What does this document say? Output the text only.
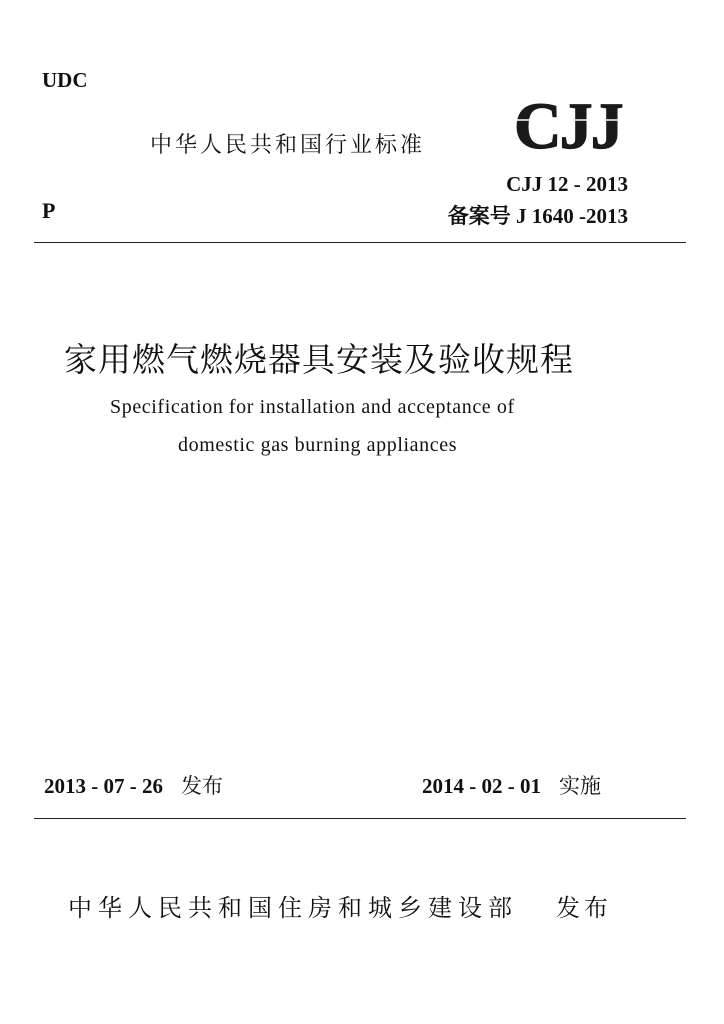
UDC
中华人民共和国行业标准 CJJ
CJJ 12 - 2013
P	备案号 J 1640 -2013
家用燃气燃烧器具安装及验收规程
Specification for installation and acceptance of
domestic gas burning appliances
2013 - 07 - 26 发布	2014 - 02 - 01 实施
中华人民共和国住房和城乡建设部 发布
